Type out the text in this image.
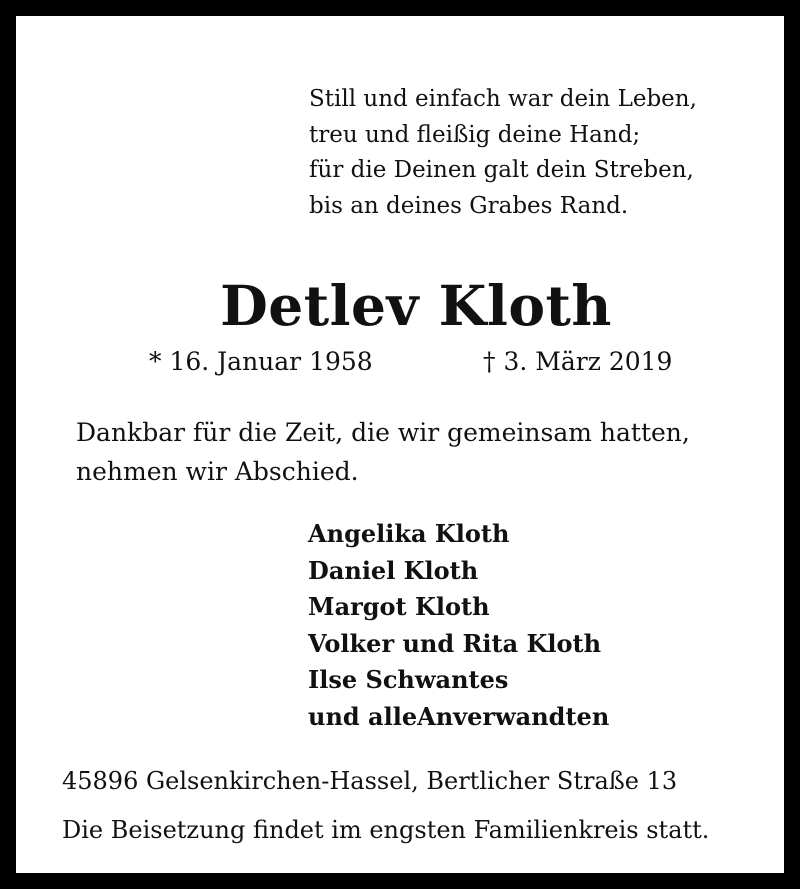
Still und einfach war dein Leben,
treu und fleißig deine Hand;
für die Deinen galt dein Streben,
bis an deines Grabes Rand.
Detlev Kloth
* 16. Januar 1958	† 3. März 2019
Dankbar für die Zeit, die wir gemeinsam hatten,
nehmen wir Abschied.
Angelika Kloth
Daniel Kloth
Margot Kloth
Volker und Rita Kloth
Ilse Schwantes
und alleAnverwandten
45896 Gelsenkirchen-Hassel, Bertlicher Straße 13
Die Beisetzung findet im engsten Familienkreis statt.
